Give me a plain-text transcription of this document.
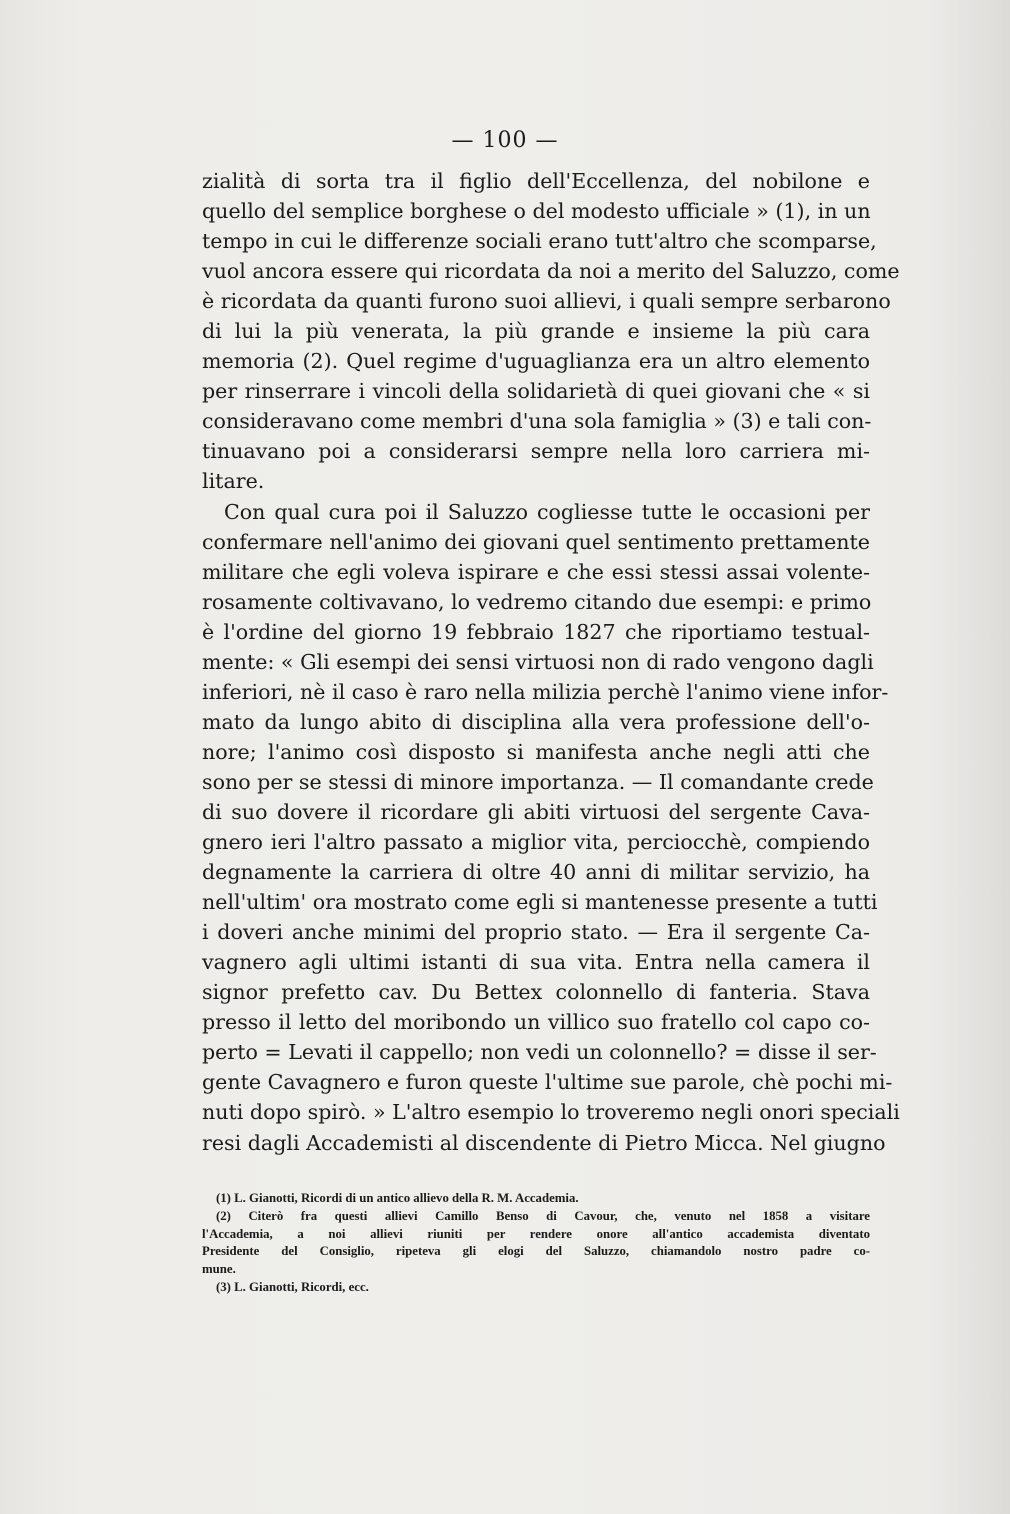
— 100 —
zialità di sorta tra il figlio dell'Eccellenza, del nobilone e
quello del semplice borghese o del modesto ufficiale » (1), in un
tempo in cui le differenze sociali erano tutt'altro che scomparse,
vuol ancora essere qui ricordata da noi a merito del Saluzzo, come
è ricordata da quanti furono suoi allievi, i quali sempre serbarono
di lui la più venerata, la più grande e insieme la più cara
memoria (2). Quel regime d'uguaglianza era un altro elemento
per rinserrare i vincoli della solidarietà di quei giovani che « si
consideravano come membri d'una sola famiglia » (3) e tali con-
tinuavano poi a considerarsi sempre nella loro carriera mi-
litare.
Con qual cura poi il Saluzzo cogliesse tutte le occasioni per
confermare nell'animo dei giovani quel sentimento prettamente
militare che egli voleva ispirare e che essi stessi assai volente-
rosamente coltivavano, lo vedremo citando due esempi: e primo
è l'ordine del giorno 19 febbraio 1827 che riportiamo testual-
mente: « Gli esempi dei sensi virtuosi non di rado vengono dagli
inferiori, nè il caso è raro nella milizia perchè l'animo viene infor-
mato da lungo abito di disciplina alla vera professione dell'o-
nore; l'animo così disposto si manifesta anche negli atti che
sono per se stessi di minore importanza. — Il comandante crede
di suo dovere il ricordare gli abiti virtuosi del sergente Cava-
gnero ieri l'altro passato a miglior vita, perciocchè, compiendo
degnamente la carriera di oltre 40 anni di militar servizio, ha
nell'ultim' ora mostrato come egli si mantenesse presente a tutti
i doveri anche minimi del proprio stato. — Era il sergente Ca-
vagnero agli ultimi istanti di sua vita. Entra nella camera il
signor prefetto cav. Du Bettex colonnello di fanteria. Stava
presso il letto del moribondo un villico suo fratello col capo co-
perto = Levati il cappello; non vedi un colonnello? = disse il ser-
gente Cavagnero e furon queste l'ultime sue parole, chè pochi mi-
nuti dopo spirò. » L'altro esempio lo troveremo negli onori speciali
resi dagli Accademisti al discendente di Pietro Micca. Nel giugno
(1) L. Gianotti, Ricordi di un antico allievo della R. M. Accademia.
(2) Citerò fra questi allievi Camillo Benso di Cavour, che, venuto nel 1858 a visitare
l'Accademia, a noi allievi riuniti per rendere onore all'antico accademista diventato
Presidente del Consiglio, ripeteva gli elogi del Saluzzo, chiamandolo nostro padre co-
mune.
(3) L. Gianotti, Ricordi, ecc.
